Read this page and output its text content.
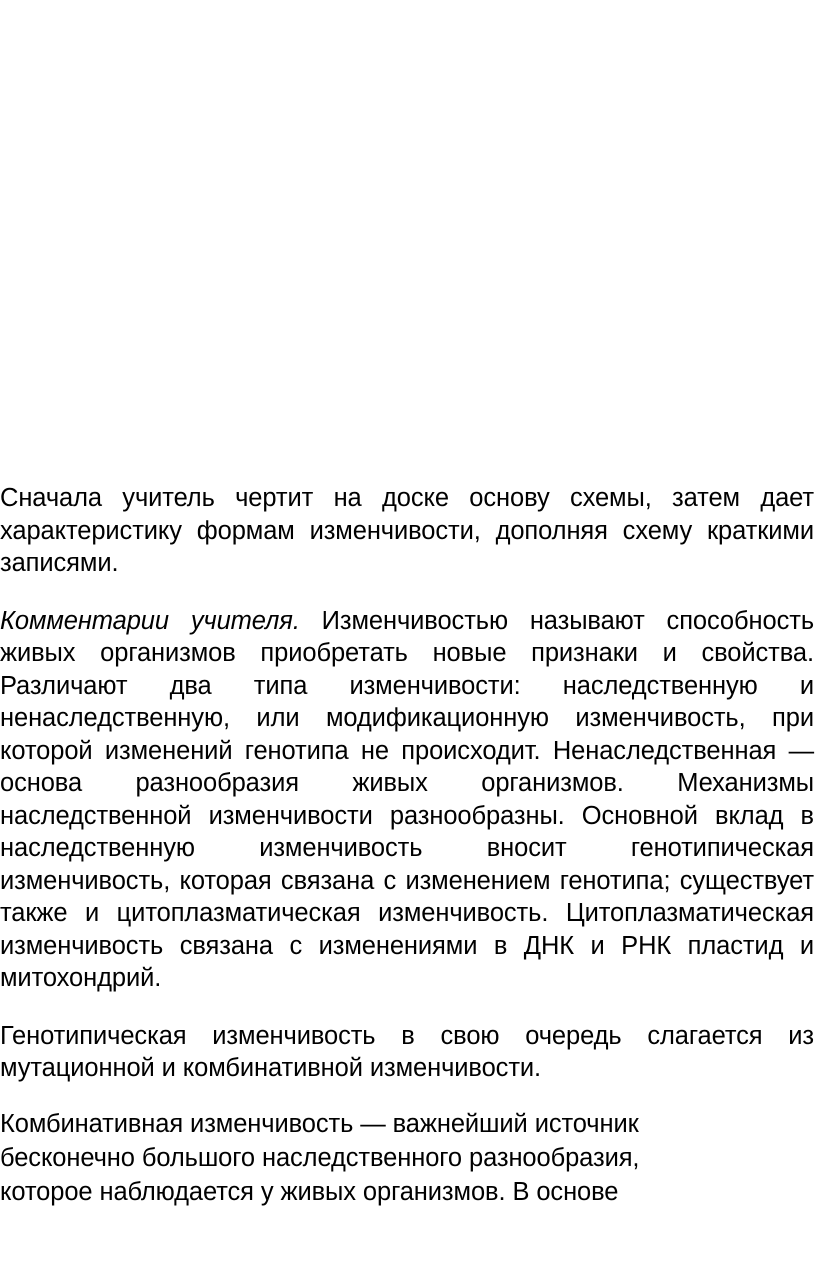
Сначала учитель чертит на доске основу схемы, затем дает характеристику формам изменчивости, дополняя схему краткими записями.

Комментарии учителя. Изменчивостью называют способность живых организмов приобретать новые признаки и свойства. Различают два типа изменчивости: наследственную и ненаследственную, или модификационную изменчивость, при которой изменений генотипа не происходит. Ненаследственная — основа разнообразия живых организмов. Механизмы наследственной изменчивости разнообразны. Основной вклад в наследственную изменчивость вносит генотипическая изменчивость, которая связана с изменением генотипа; существует также и цитоплазматическая изменчивость. Цитоплазматическая изменчивость связана с изменениями в ДНК и РНК пластид и митохондрий.

Генотипическая изменчивость в свою очередь слагается из мутационной и комбинативной изменчивости.

Комбинативная изменчивость — важнейший источник
бесконечно большого наследственного разнообразия,
которое наблюдается у живых организмов. В основе
